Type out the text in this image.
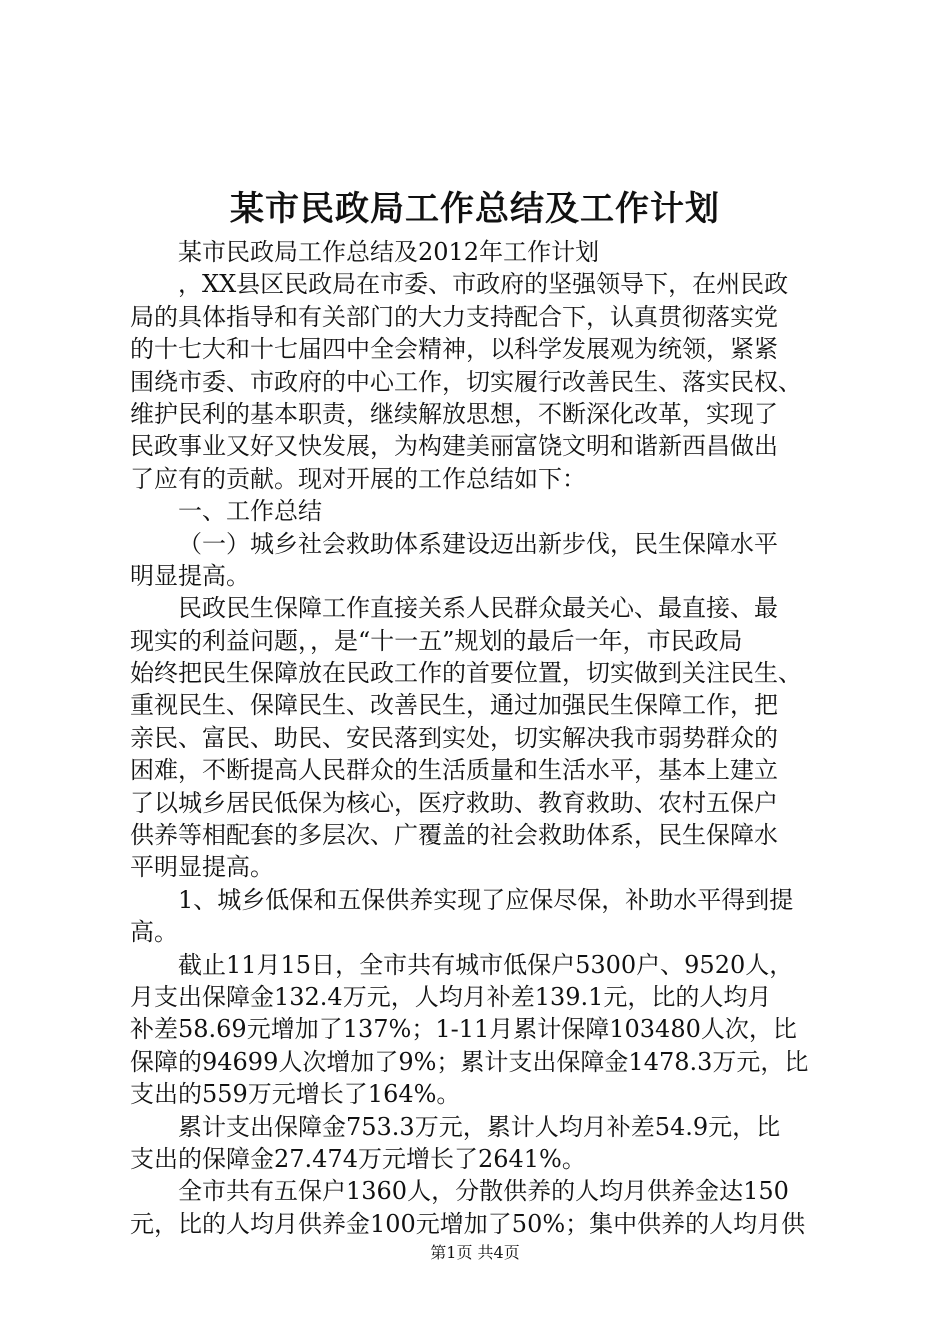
某市民政局工作总结及工作计划
某市民政局工作总结及2012年工作计划
，XX县区民政局在市委、市政府的坚强领导下，在州民政
局的具体指导和有关部门的大力支持配合下，认真贯彻落实党
的十七大和十七届四中全会精神，以科学发展观为统领，紧紧
围绕市委、市政府的中心工作，切实履行改善民生、落实民权、
维护民利的基本职责，继续解放思想，不断深化改革，实现了
民政事业又好又快发展，为构建美丽富饶文明和谐新西昌做出
了应有的贡献。现对开展的工作总结如下：
一、工作总结
（一）城乡社会救助体系建设迈出新步伐，民生保障水平
明显提高。
民政民生保障工作直接关系人民群众最关心、最直接、最
现实的利益问题，，是“十一五”规划的最后一年，市民政局
始终把民生保障放在民政工作的首要位置，切实做到关注民生、
重视民生、保障民生、改善民生，通过加强民生保障工作，把
亲民、富民、助民、安民落到实处，切实解决我市弱势群众的
困难，不断提高人民群众的生活质量和生活水平，基本上建立
了以城乡居民低保为核心，医疗救助、教育救助、农村五保户
供养等相配套的多层次、广覆盖的社会救助体系，民生保障水
平明显提高。
1、城乡低保和五保供养实现了应保尽保，补助水平得到提
高。
截止11月15日，全市共有城市低保户5300户、9520人，
月支出保障金132.4万元，人均月补差139.1元，比的人均月
补差58.69元增加了137%；1-11月累计保障103480人次，比
保障的94699人次增加了9%；累计支出保障金1478.3万元，比
支出的559万元增长了164%。
累计支出保障金753.3万元，累计人均月补差54.9元，比
支出的保障金27.474万元增长了2641%。
全市共有五保户1360人，分散供养的人均月供养金达150
元，比的人均月供养金100元增加了50%；集中供养的人均月供
第1页 共4页
